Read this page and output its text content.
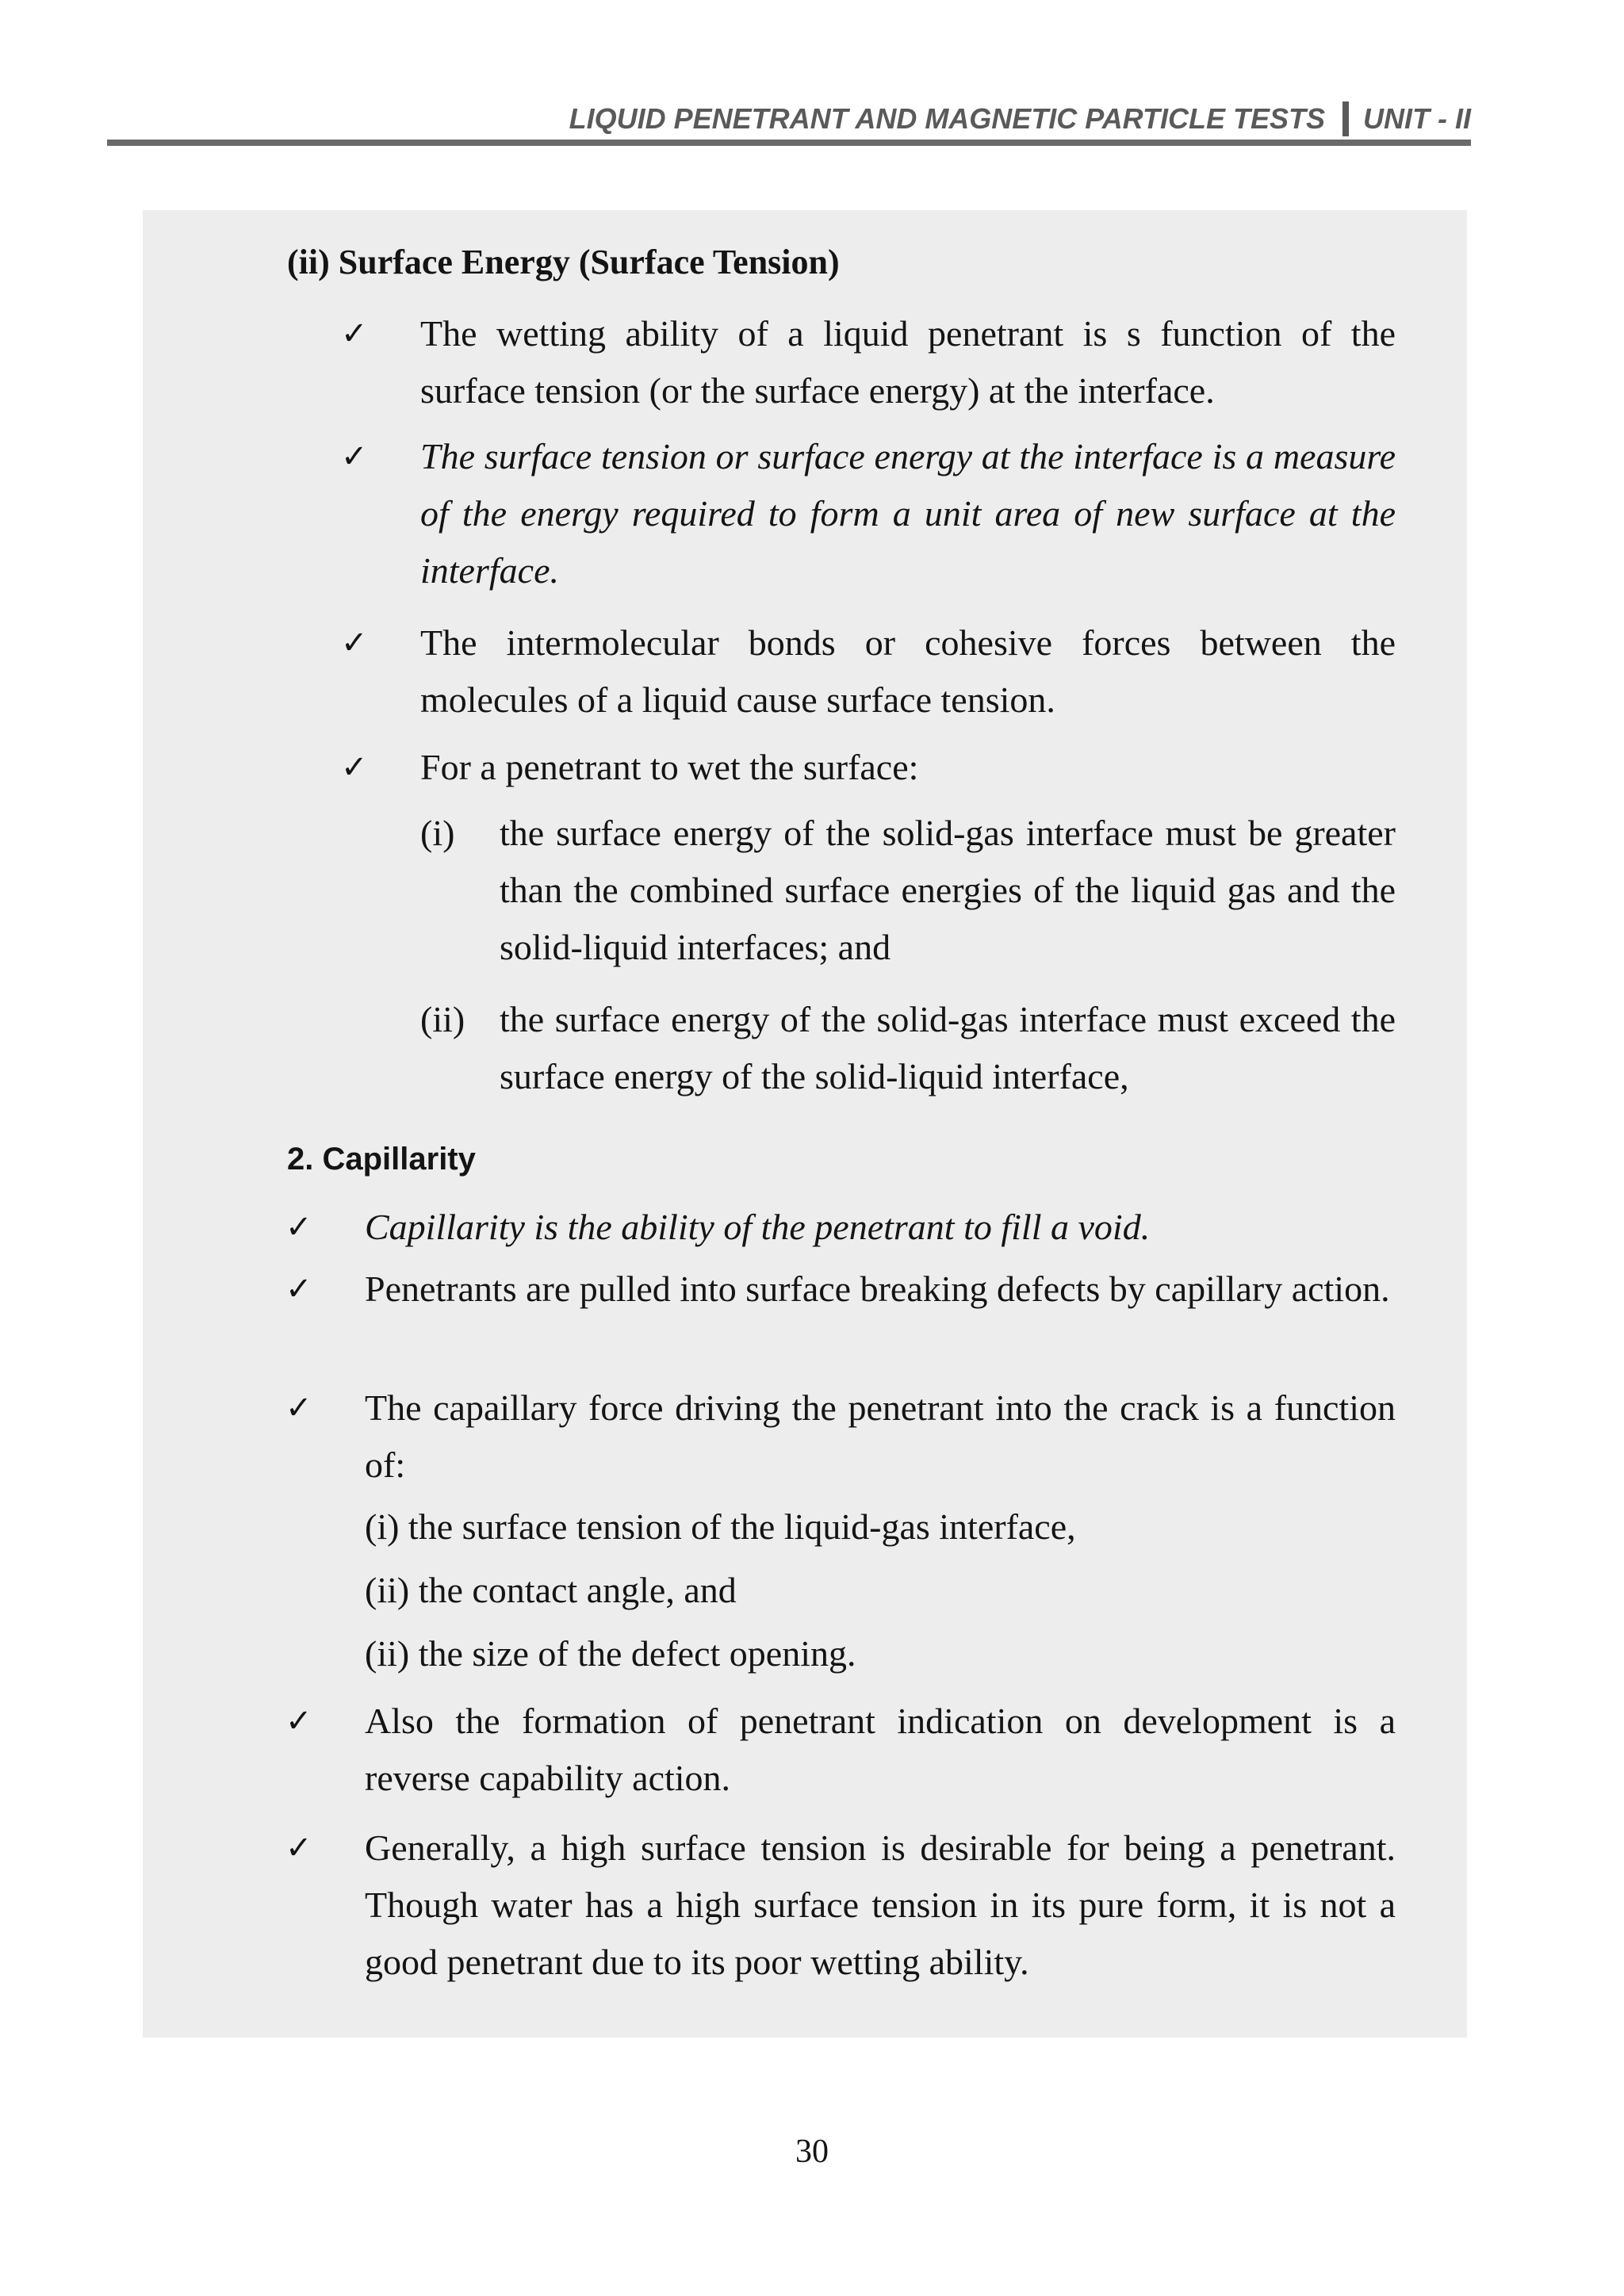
LIQUID PENETRANT AND MAGNETIC PARTICLE TESTS UNIT - II
(ii) Surface Energy (Surface Tension)
✓ The wetting ability of a liquid penetrant is s function of the surface tension (or the surface energy) at the interface.
✓ The surface tension or surface energy at the interface is a measure of the energy required to form a unit area of new surface at the interface.
✓ The intermolecular bonds or cohesive forces between the molecules of a liquid cause surface tension.
✓ For a penetrant to wet the surface:
(i) the surface energy of the solid-gas interface must be greater than the combined surface energies of the liquid gas and the solid-liquid interfaces; and
(ii) the surface energy of the solid-gas interface must exceed the surface energy of the solid-liquid interface,
2. Capillarity
✓ Capillarity is the ability of the penetrant to fill a void.
✓ Penetrants are pulled into surface breaking defects by capillary action.
✓ The capaillary force driving the penetrant into the crack is a function of:
(i) the surface tension of the liquid-gas interface,
(ii) the contact angle, and
(ii) the size of the defect opening.
✓ Also the formation of penetrant indication on development is a reverse capability action.
✓ Generally, a high surface tension is desirable for being a penetrant. Though water has a high surface tension in its pure form, it is not a good penetrant due to its poor wetting ability.
30
